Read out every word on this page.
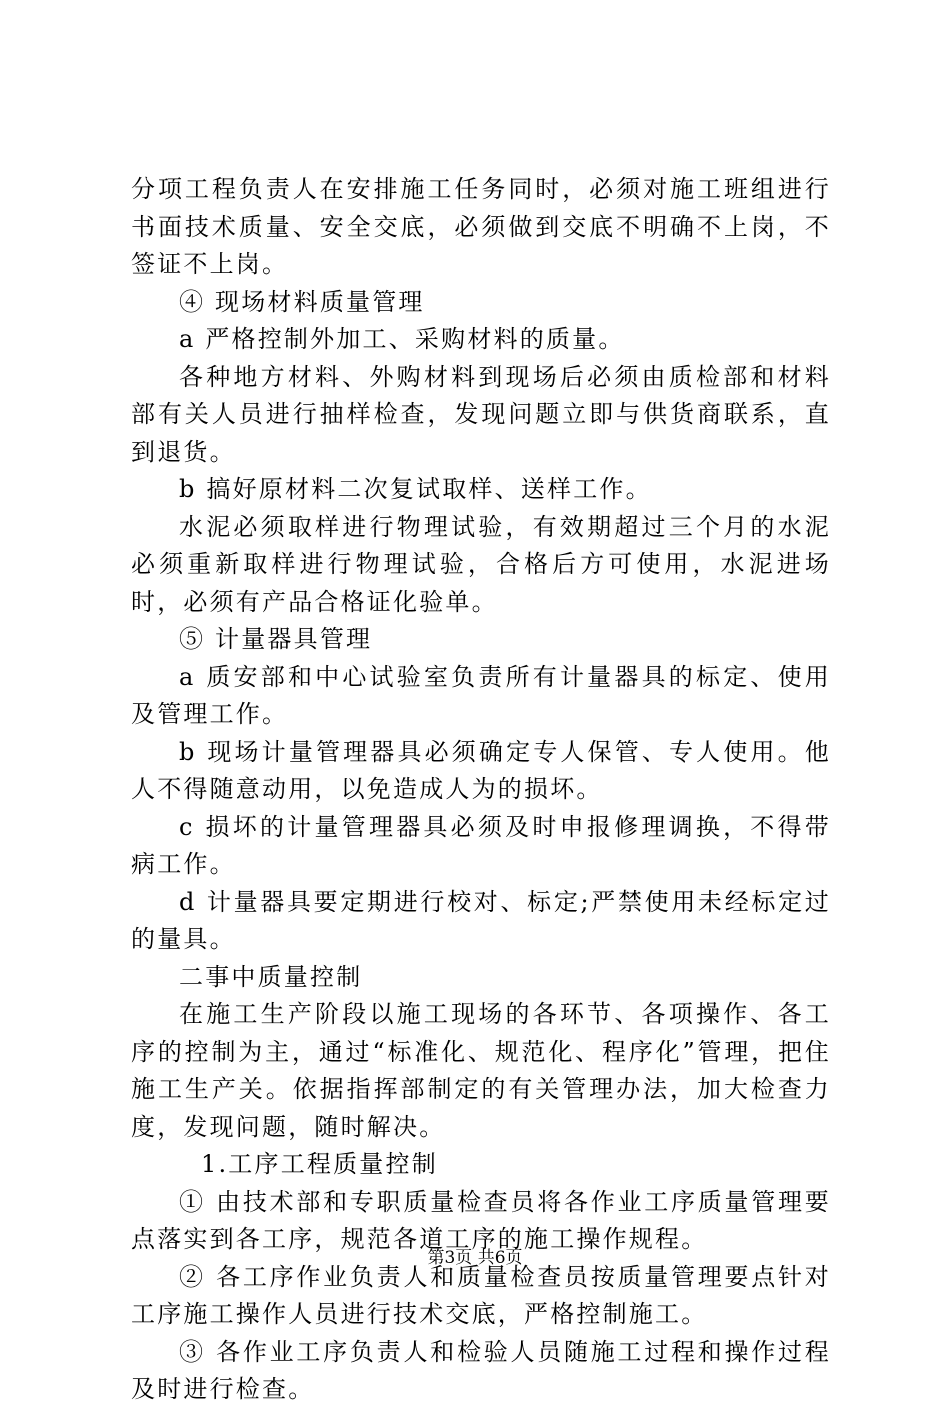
分项工程负责人在安排施工任务同时，必须对施工班组进行书面技术质量、安全交底，必须做到交底不明确不上岗，不签证不上岗。

④ 现场材料质量管理

a 严格控制外加工、采购材料的质量。

各种地方材料、外购材料到现场后必须由质检部和材料部有关人员进行抽样检查，发现问题立即与供货商联系，直到退货。

b 搞好原材料二次复试取样、送样工作。

水泥必须取样进行物理试验，有效期超过三个月的水泥必须重新取样进行物理试验，合格后方可使用，水泥进场时，必须有产品合格证化验单。

⑤ 计量器具管理

a 质安部和中心试验室负责所有计量器具的标定、使用及管理工作。

b 现场计量管理器具必须确定专人保管、专人使用。他人不得随意动用，以免造成人为的损坏。

c 损坏的计量管理器具必须及时申报修理调换，不得带病工作。

d 计量器具要定期进行校对、标定;严禁使用未经标定过的量具。

二事中质量控制

在施工生产阶段以施工现场的各环节、各项操作、各工序的控制为主，通过“标准化、规范化、程序化”管理，把住施工生产关。依据指挥部制定的有关管理办法，加大检查力度，发现问题，随时解决。

1.工序工程质量控制

① 由技术部和专职质量检查员将各作业工序质量管理要点落实到各工序，规范各道工序的施工操作规程。

② 各工序作业负责人和质量检查员按质量管理要点针对工序施工操作人员进行技术交底，严格控制施工。

③ 各作业工序负责人和检验人员随施工过程和操作过程及时进行检查。

第3页 共6页
